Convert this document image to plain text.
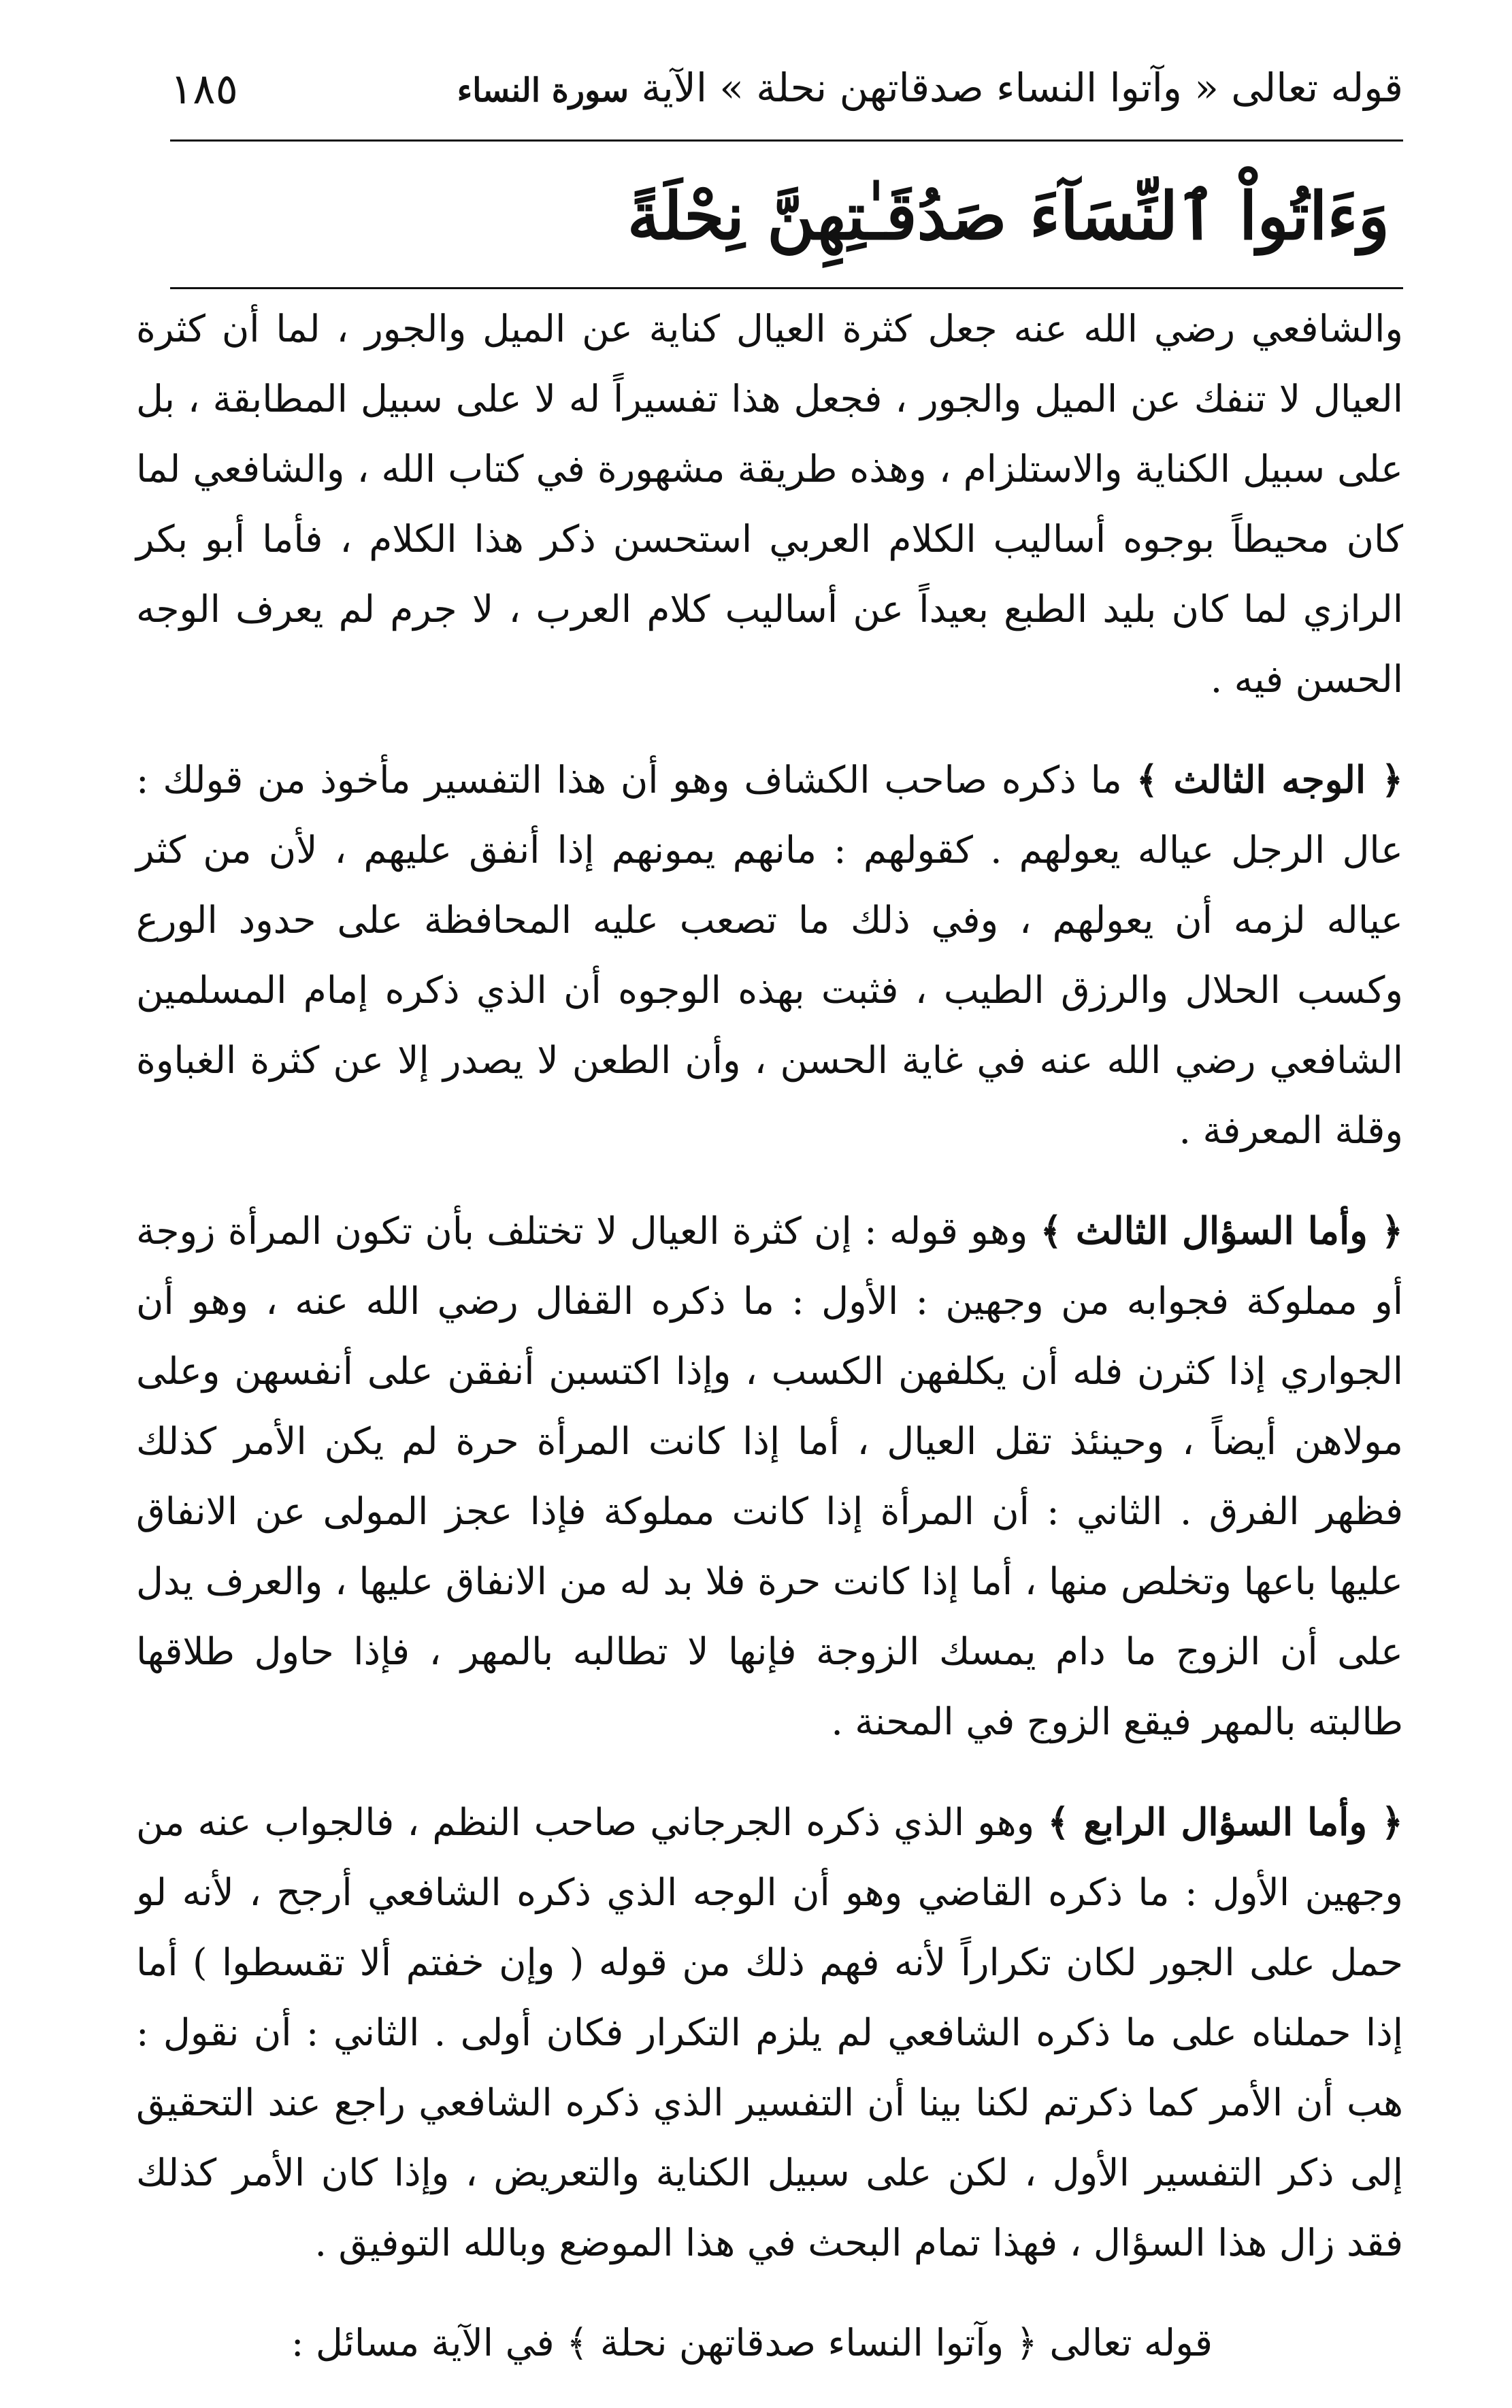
قوله تعالى « وآتوا النساء صدقاتهن نحلة » الآية سورة النساء
١٨٥
وَءَاتُواْ ٱلنِّسَآءَ صَدُقَـٰتِهِنَّ نِحْلَةً

والشافعي رضي الله عنه جعل كثرة العيال كناية عن الميل والجور ، لما أن كثرة العيال لا تنفك عن الميل والجور ، فجعل هذا تفسيراً له لا على سبيل المطابقة ، بل على سبيل الكناية والاستلزام ، وهذه طريقة مشهورة في كتاب الله ، والشافعي لما كان محيطاً بوجوه أساليب الكلام العربي استحسن ذكر هذا الكلام ، فأما أبو بكر الرازي لما كان بليد الطبع بعيداً عن أساليب كلام العرب ، لا جرم لم يعرف الوجه الحسن فيه .

﴿ الوجه الثالث ﴾ ما ذكره صاحب الكشاف وهو أن هذا التفسير مأخوذ من قولك : عال الرجل عياله يعولهم . كقولهم : مانهم يمونهم إذا أنفق عليهم ، لأن من كثر عياله لزمه أن يعولهم ، وفي ذلك ما تصعب عليه المحافظة على حدود الورع وكسب الحلال والرزق الطيب ، فثبت بهذه الوجوه أن الذي ذكره إمام المسلمين الشافعي رضي الله عنه في غاية الحسن ، وأن الطعن لا يصدر إلا عن كثرة الغباوة وقلة المعرفة .

﴿ وأما السؤال الثالث ﴾ وهو قوله : إن كثرة العيال لا تختلف بأن تكون المرأة زوجة أو مملوكة فجوابه من وجهين : الأول : ما ذكره القفال رضي الله عنه ، وهو أن الجواري إذا كثرن فله أن يكلفهن الكسب ، وإذا اكتسبن أنفقن على أنفسهن وعلى مولاهن أيضاً ، وحينئذ تقل العيال ، أما إذا كانت المرأة حرة لم يكن الأمر كذلك فظهر الفرق . الثاني : أن المرأة إذا كانت مملوكة فإذا عجز المولى عن الانفاق عليها باعها وتخلص منها ، أما إذا كانت حرة فلا بد له من الانفاق عليها ، والعرف يدل على أن الزوج ما دام يمسك الزوجة فإنها لا تطالبه بالمهر ، فإذا حاول طلاقها طالبته بالمهر فيقع الزوج في المحنة .

﴿ وأما السؤال الرابع ﴾ وهو الذي ذكره الجرجاني صاحب النظم ، فالجواب عنه من وجهين الأول : ما ذكره القاضي وهو أن الوجه الذي ذكره الشافعي أرجح ، لأنه لو حمل على الجور لكان تكراراً لأنه فهم ذلك من قوله ( وإن خفتم ألا تقسطوا ) أما إذا حملناه على ما ذكره الشافعي لم يلزم التكرار فكان أولى . الثاني : أن نقول : هب أن الأمر كما ذكرتم لكنا بينا أن التفسير الذي ذكره الشافعي راجع عند التحقيق إلى ذكر التفسير الأول ، لكن على سبيل الكناية والتعريض ، وإذا كان الأمر كذلك فقد زال هذا السؤال ، فهذا تمام البحث في هذا الموضع وبالله التوفيق .

قوله تعالى ﴿ وآتوا النساء صدقاتهن نحلة ﴾ في الآية مسائل :
